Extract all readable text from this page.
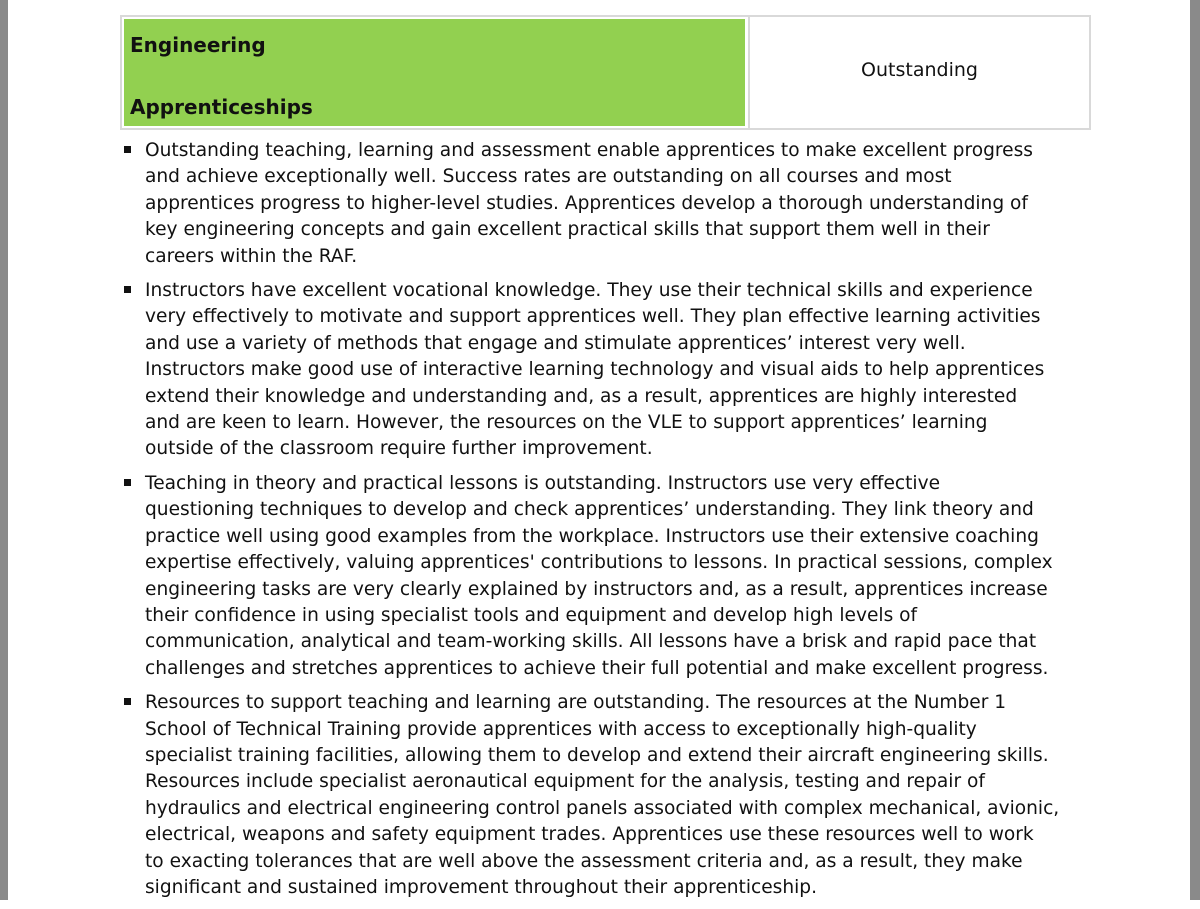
Engineering
Apprenticeships
Outstanding
Outstanding teaching, learning and assessment enable apprentices to make excellent progress
and achieve exceptionally well. Success rates are outstanding on all courses and most
apprentices progress to higher-level studies. Apprentices develop a thorough understanding of
key engineering concepts and gain excellent practical skills that support them well in their
careers within the RAF.
Instructors have excellent vocational knowledge. They use their technical skills and experience
very effectively to motivate and support apprentices well. They plan effective learning activities
and use a variety of methods that engage and stimulate apprentices’ interest very well.
Instructors make good use of interactive learning technology and visual aids to help apprentices
extend their knowledge and understanding and, as a result, apprentices are highly interested
and are keen to learn. However, the resources on the VLE to support apprentices’ learning
outside of the classroom require further improvement.
Teaching in theory and practical lessons is outstanding. Instructors use very effective
questioning techniques to develop and check apprentices’ understanding. They link theory and
practice well using good examples from the workplace. Instructors use their extensive coaching
expertise effectively, valuing apprentices' contributions to lessons. In practical sessions, complex
engineering tasks are very clearly explained by instructors and, as a result, apprentices increase
their confidence in using specialist tools and equipment and develop high levels of
communication, analytical and team-working skills. All lessons have a brisk and rapid pace that
challenges and stretches apprentices to achieve their full potential and make excellent progress.
Resources to support teaching and learning are outstanding. The resources at the Number 1
School of Technical Training provide apprentices with access to exceptionally high-quality
specialist training facilities, allowing them to develop and extend their aircraft engineering skills.
Resources include specialist aeronautical equipment for the analysis, testing and repair of
hydraulics and electrical engineering control panels associated with complex mechanical, avionic,
electrical, weapons and safety equipment trades. Apprentices use these resources well to work
to exacting tolerances that are well above the assessment criteria and, as a result, they make
significant and sustained improvement throughout their apprenticeship.
